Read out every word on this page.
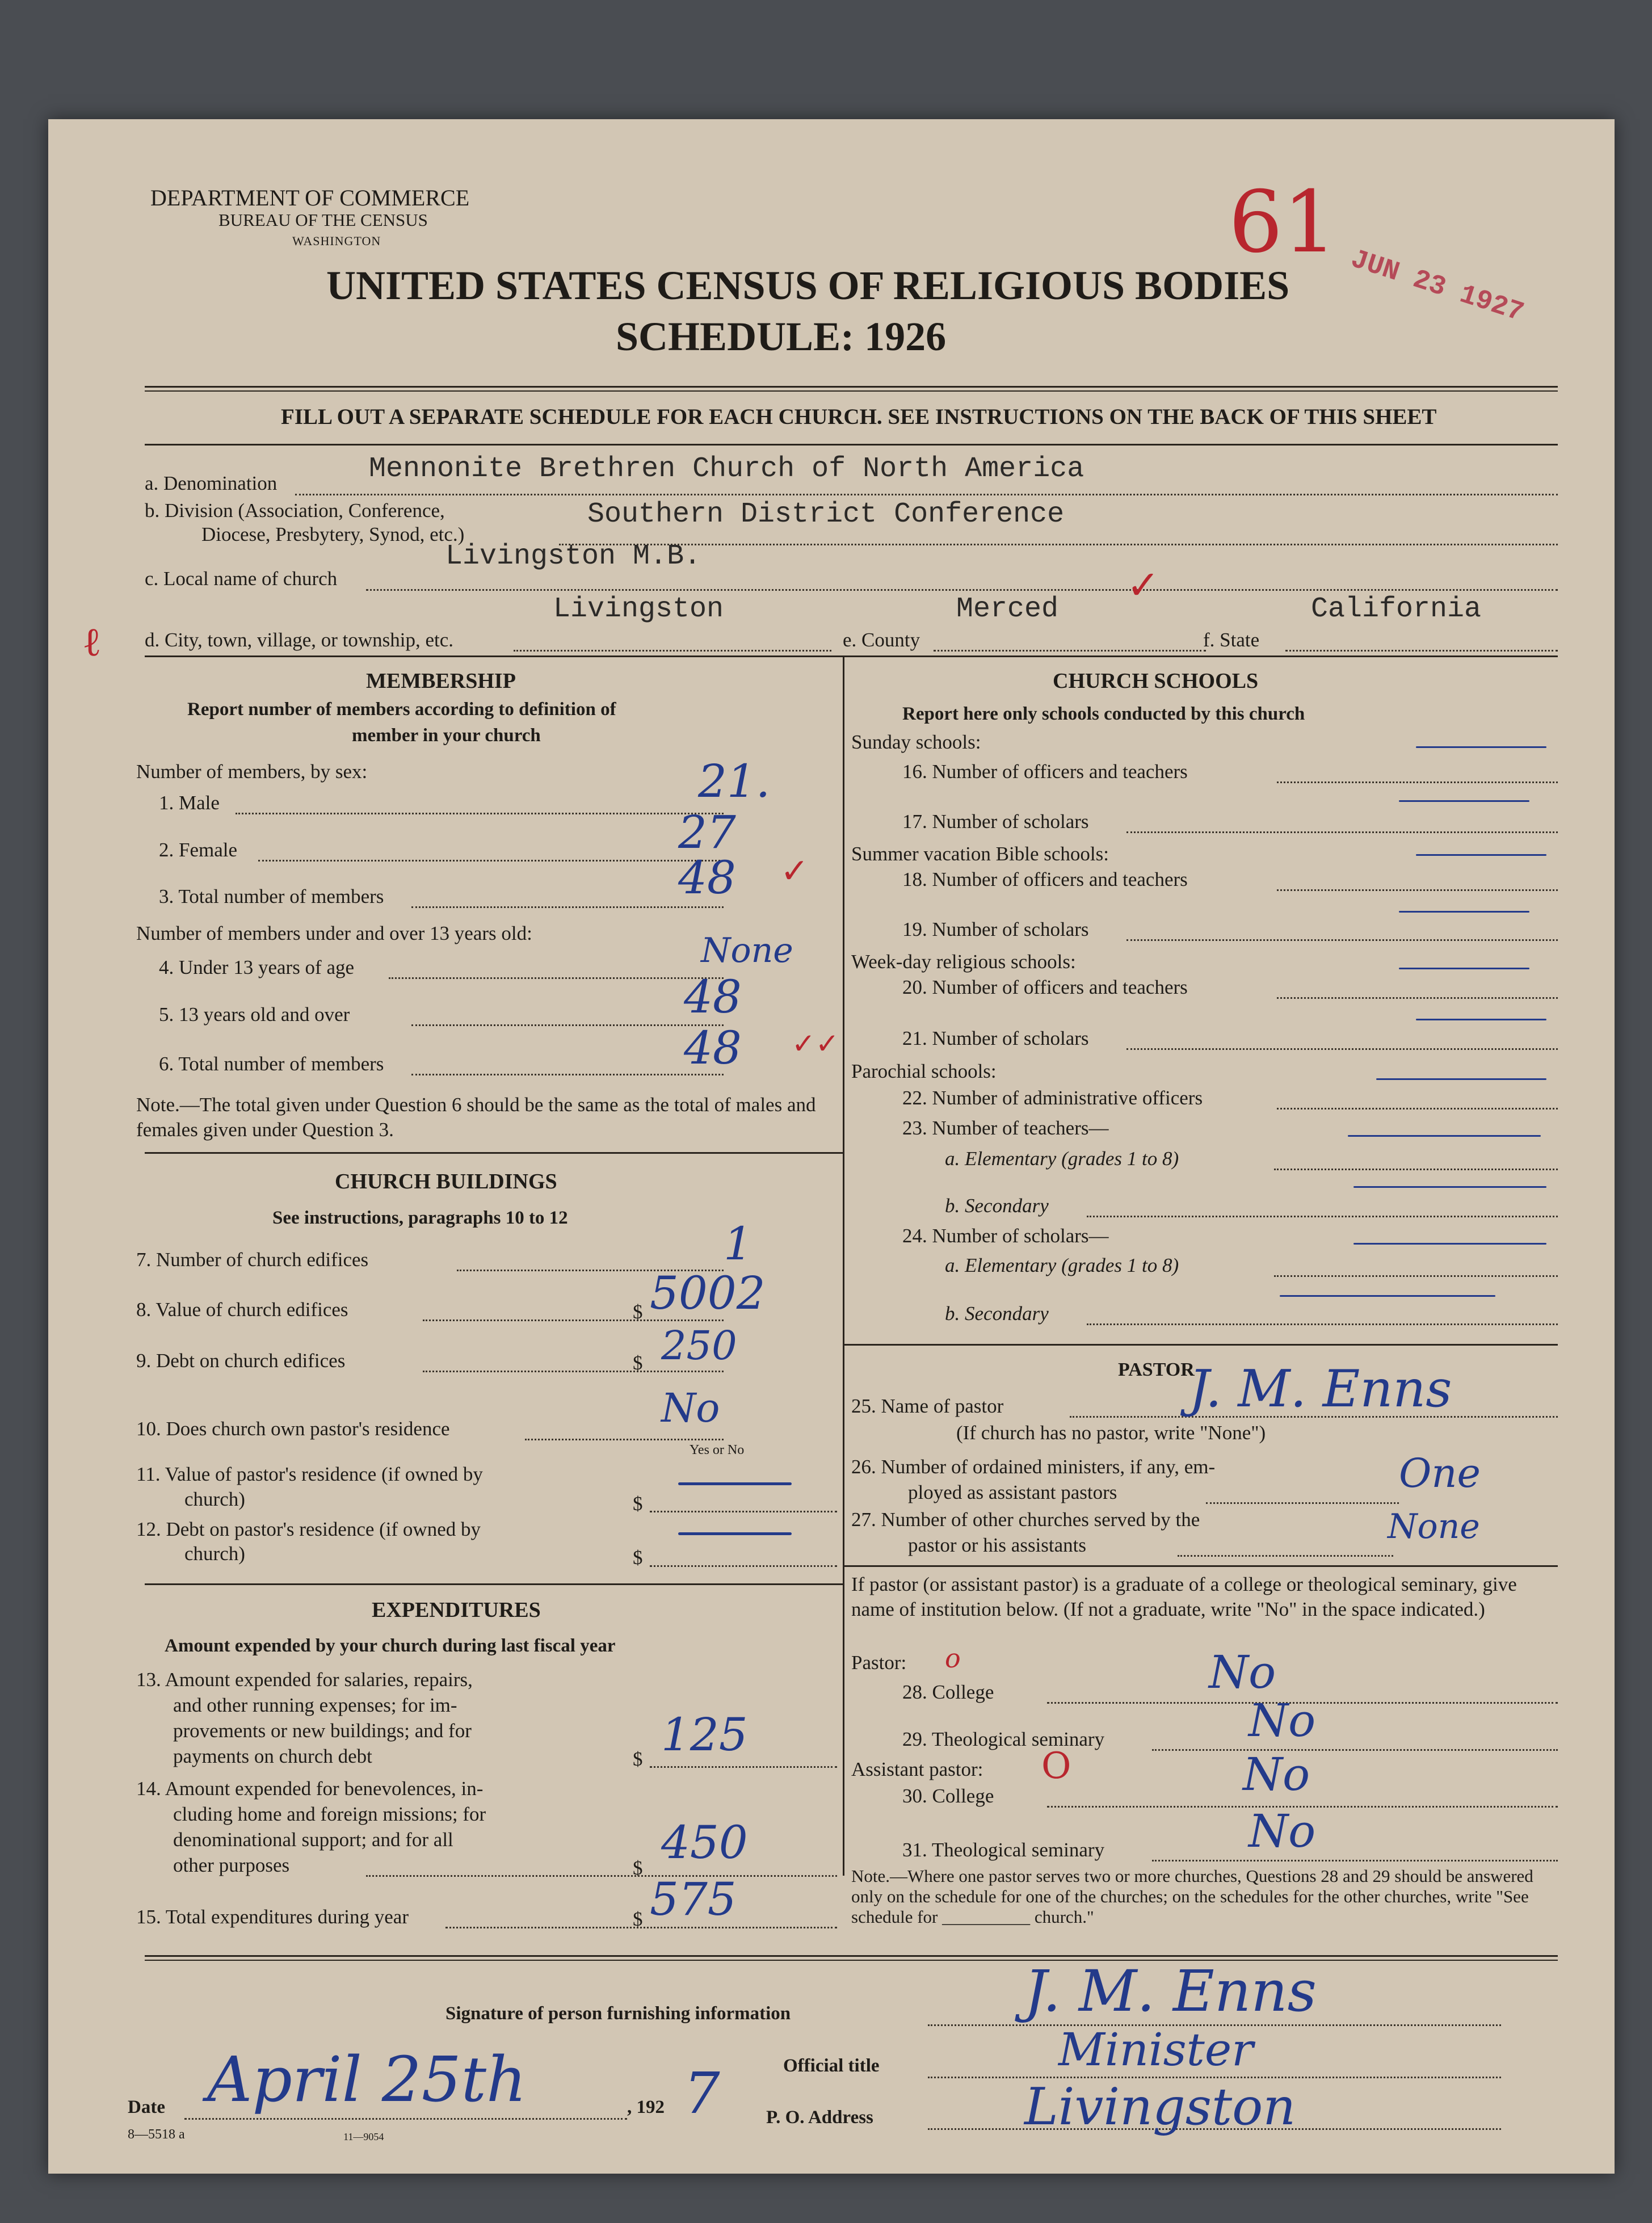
DEPARTMENT OF COMMERCE
BUREAU OF THE CENSUS
WASHINGTON
UNITED STATES CENSUS OF RELIGIOUS BODIES
SCHEDULE: 1926
61
JUN 23 1927
FILL OUT A SEPARATE SCHEDULE FOR EACH CHURCH. SEE INSTRUCTIONS ON THE BACK OF THIS SHEET
a. Denomination	Mennonite Brethren Church of North America
b. Division (Association, Conference,
Diocese, Presbytery, Synod, etc.)
Southern District Conference
Livingston M.B.
c. Local name of church
ℓ d. City, town, village, or township, etc.
Livingston
e. County
Merced
✓
f. State
California
MEMBERSHIP
Report number of members according to definition of
member in your church
Number of members, by sex:
1. Male	21.
2. Female	27
3. Total number of members	48 ✓
Number of members under and over 13 years old:
4. Under 13 years of age	None
5. 13 years old and over	48
6. Total number of members	48 ✓✓
Note.—The total given under Question 6 should be the same as the total of males and females given under Question 3.
CHURCH BUILDINGS
See instructions, paragraphs 10 to 12
7. Number of church edifices	1
8. Value of church edifices	$ 5002
9. Debt on church edifices	$ 250
10. Does church own pastor's residence	No
Yes or No
11. Value of pastor's residence (if owned by
church)	$
12. Debt on pastor's residence (if owned by
church)	$
EXPENDITURES
Amount expended by your church during last fiscal year
13. Amount expended for salaries, repairs,
and other running expenses; for im-
provements or new buildings; and for
payments on church debt	$ 125
14. Amount expended for benevolences, in-
cluding home and foreign missions; for
denominational support; and for all
other purposes	$ 450
15. Total expenditures during year	$ 575
CHURCH SCHOOLS
Report here only schools conducted by this church
Sunday schools:
16. Number of officers and teachers
17. Number of scholars
Summer vacation Bible schools:
18. Number of officers and teachers
19. Number of scholars
Week-day religious schools:
20. Number of officers and teachers
21. Number of scholars
Parochial schools:
22. Number of administrative officers
23. Number of teachers—
a. Elementary (grades 1 to 8)
b. Secondary
24. Number of scholars—
a. Elementary (grades 1 to 8)
b. Secondary
PASTOR
25. Name of pastor	J. M. Enns
(If church has no pastor, write "None")
26. Number of ordained ministers, if any, em-
ployed as assistant pastors	One
27. Number of other churches served by the
pastor or his assistants	None
If pastor (or assistant pastor) is a graduate of a college or theological seminary, give name of institution below. (If not a graduate, write "No" in the space indicated.)
Pastor: o
28. College	No
29. Theological seminary	No
Assistant pastor: O
30. College	No
31. Theological seminary	No
Note.—Where one pastor serves two or more churches, Questions 28 and 29 should be answered only on the schedule for one of the churches; on the schedules for the other churches, write "See schedule for __________ church."
Signature of person furnishing information	J. M. Enns
Official title	Minister
Date April 25th	, 192 7 P. O. Address	Livingston
8—5518 a	11—9054
